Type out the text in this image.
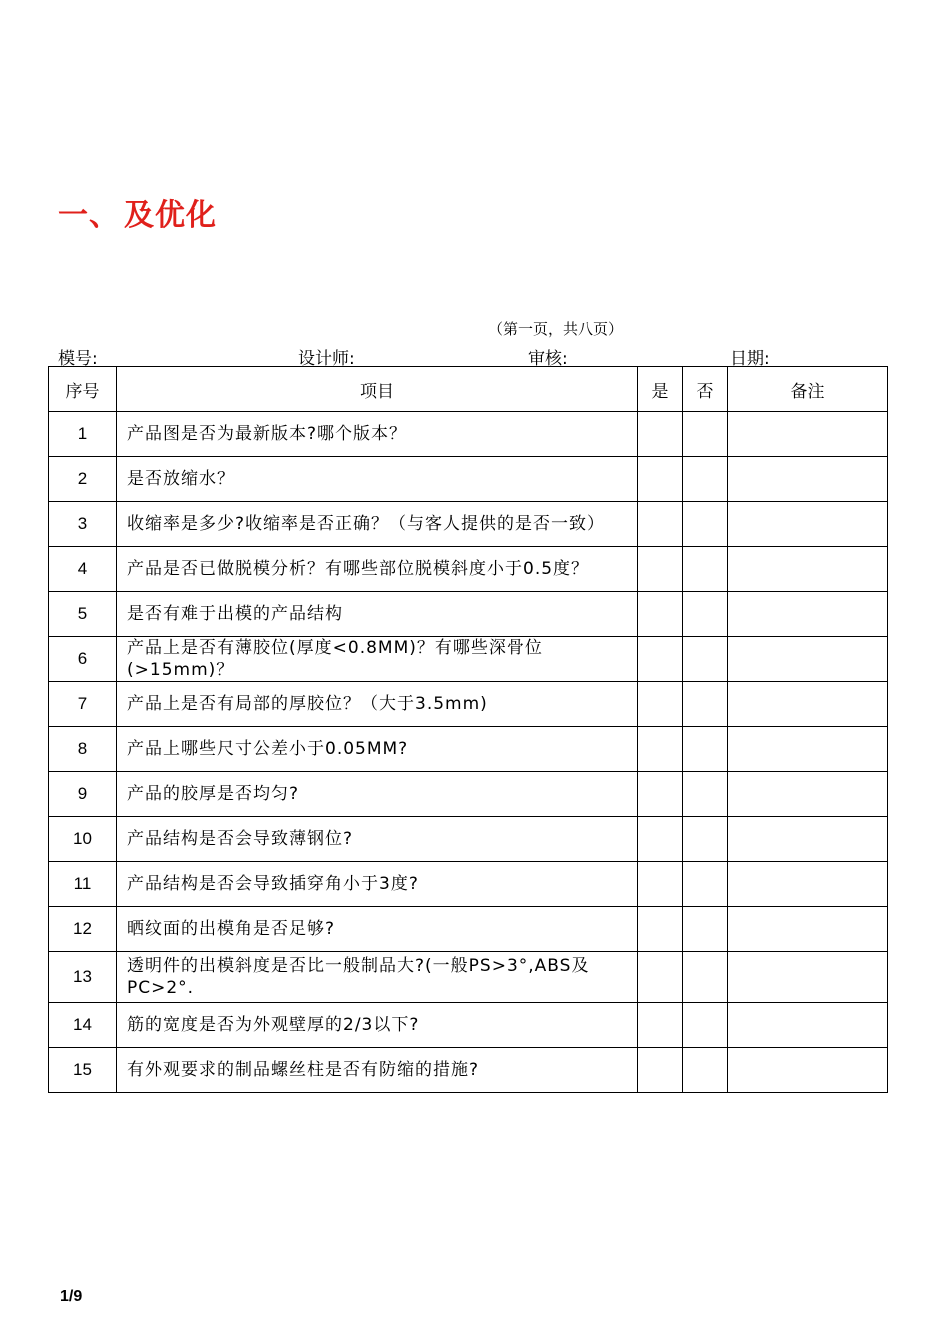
一、 及优化
（第一页，共八页）
模号:	设计师:	审核:	日期:
序号	项目	是	否	备注
1	产品图是否为最新版本?哪个版本？			
2	是否放缩水？			
3	收缩率是多少?收缩率是否正确？（与客人提供的是否一致）			
4	产品是否已做脱模分析？有哪些部位脱模斜度小于0.5度？			
5	是否有难于出模的产品结构			
6	产品上是否有薄胶位(厚度<0.8MM)？有哪些深骨位(>15mm)？			
7	产品上是否有局部的厚胶位？（大于3.5mm)			
8	产品上哪些尺寸公差小于0.05MM?			
9	产品的胶厚是否均匀?			
10	产品结构是否会导致薄钢位?			
11	产品结构是否会导致插穿角小于3度?			
12	晒纹面的出模角是否足够?			
13	透明件的出模斜度是否比一般制品大?(一般PS>3°,ABS及PC>2°.			
14	筋的宽度是否为外观壁厚的2/3以下?			
15	有外观要求的制品螺丝柱是否有防缩的措施?			
1/9
